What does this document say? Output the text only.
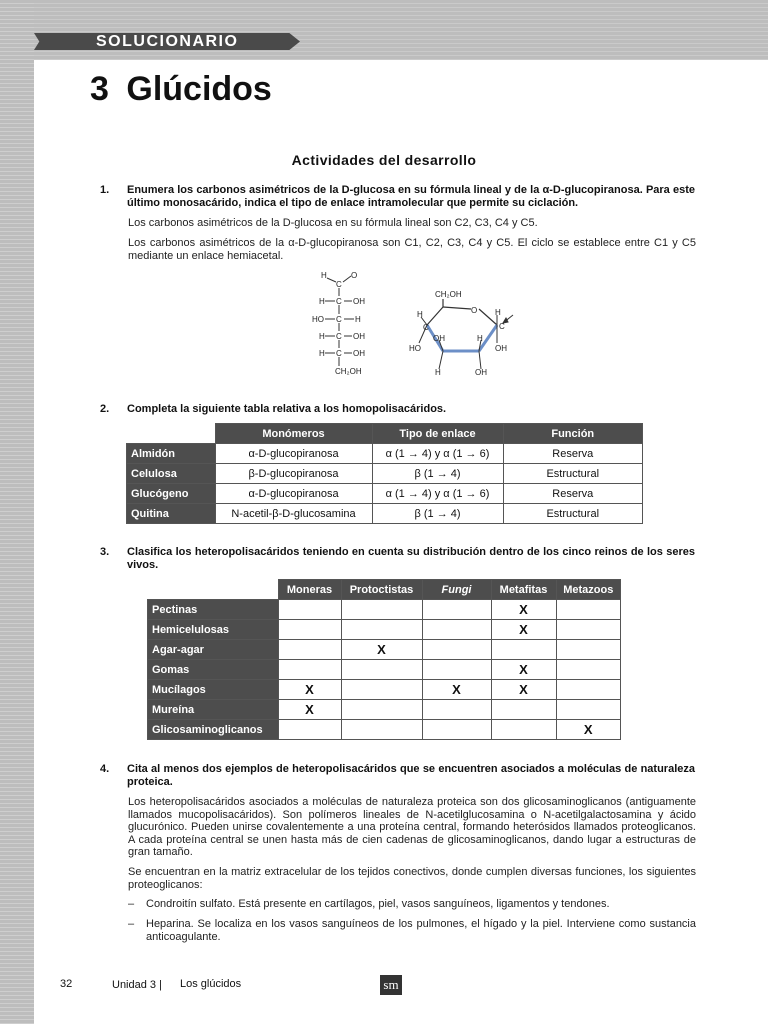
SOLUCIONARIO
3 Glúcidos
Actividades del desarrollo
1. Enumera los carbonos asimétricos de la D-glucosa en su fórmula lineal y de la α-D-glucopiranosa. Para este último monosacárido, indica el tipo de enlace intramolecular que permite su ciclación.
Los carbonos asimétricos de la D-glucosa en su fórmula lineal son C2, C3, C4 y C5.
Los carbonos asimétricos de la α-D-glucopiranosa son C1, C2, C3, C4 y C5. El ciclo se establece entre C1 y C5 mediante un enlace hemiacetal.
H	O
C
H C OH
HO C H
H C OH
H C OH
CH₂OH
CH₂OH
O
H
C
HO
OH
H
H
OH
H
C
OH
2. Completa la siguiente tabla relativa a los homopolisacáridos.
	Monómeros	Tipo de enlace	Función
Almidón	α-D-glucopiranosa	α (1 → 4) y α (1 → 6)	Reserva
Celulosa	β-D-glucopiranosa	β (1 → 4)	Estructural
Glucógeno	α-D-glucopiranosa	α (1 → 4) y α (1 → 6)	Reserva
Quitina	N-acetil-β-D-glucosamina	β (1 → 4)	Estructural
3. Clasifica los heteropolisacáridos teniendo en cuenta su distribución dentro de los cinco reinos de los seres vivos.
	Moneras	Protoctistas	Fungi	Metafitas	Metazoos
Pectinas				X	
Hemicelulosas				X	
Agar-agar		X			
Gomas				X	
Mucílagos	X		X	X	
Mureína	X				
Glicosaminoglicanos					X
4. Cita al menos dos ejemplos de heteropolisacáridos que se encuentren asociados a moléculas de naturaleza proteica.
Los heteropolisacáridos asociados a moléculas de naturaleza proteica son dos glicosaminoglicanos (antiguamente llamados mucopolisacáridos). Son polímeros lineales de N-acetilglucosamina o N-acetilgalactosamina y ácido glucurónico. Pueden unirse covalentemente a una proteína central, formando heterósidos llamados proteoglicanos. A cada proteína central se unen hasta más de cien cadenas de glicosaminoglicanos, dando lugar a estructuras de gran tamaño.
Se encuentran en la matriz extracelular de los tejidos conectivos, donde cumplen diversas funciones, los siguientes proteoglicanos:
– Condroitín sulfato. Está presente en cartílagos, piel, vasos sanguíneos, ligamentos y tendones.
– Heparina. Se localiza en los vasos sanguíneos de los pulmones, el hígado y la piel. Interviene como sustancia anticoagulante.
32	Unidad 3 | Los glúcidos	sm
